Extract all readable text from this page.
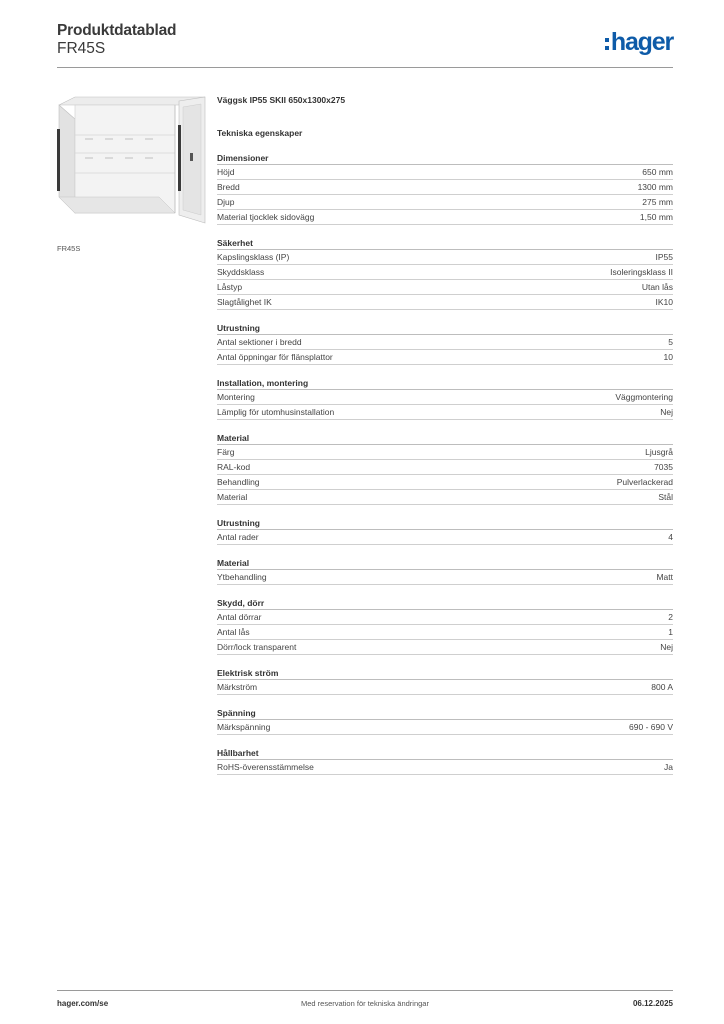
Produktdatablad
FR45S	hager
FR45S
Väggsk IP55 SKII 650x1300x275
Tekniska egenskaper
Dimensioner
Höjd	650 mm
Bredd	1300 mm
Djup	275 mm
Material tjocklek sidovägg	1,50 mm
Säkerhet
Kapslingsklass (IP)	IP55
Skyddsklass	Isoleringsklass II
Låstyp	Utan lås
Slagtålighet IK	IK10
Utrustning
Antal sektioner i bredd	5
Antal öppningar för flänsplattor	10
Installation, montering
Montering	Väggmontering
Lämplig för utomhusinstallation	Nej
Material
Färg	Ljusgrå
RAL-kod	7035
Behandling	Pulverlackerad
Material	Stål
Utrustning
Antal rader	4
Material
Ytbehandling	Matt
Skydd, dörr
Antal dörrar	2
Antal lås	1
Dörr/lock transparent	Nej
Elektrisk ström
Märkström	800 A
Spänning
Märkspänning	690 - 690 V
Hållbarhet
RoHS-överensstämmelse	Ja
hager.com/se	Med reservation för tekniska ändringar	06.12.2025
